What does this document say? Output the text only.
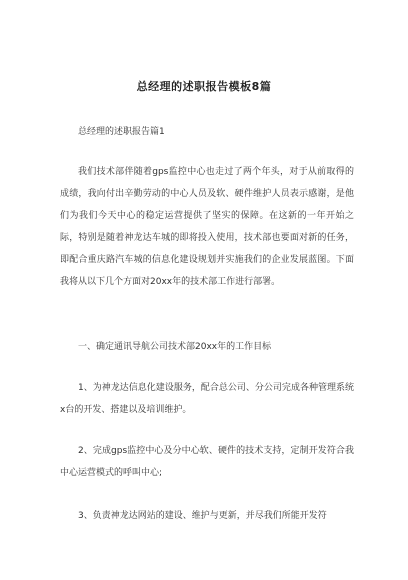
总经理的述职报告模板8篇

总经理的述职报告篇1

我们技术部伴随着gps监控中心也走过了两个年头，对于从前取得的成绩，我向付出辛勤劳动的中心人员及软、硬件维护人员表示感谢，是他们为我们今天中心的稳定运营提供了坚实的保障。在这新的一年开始之际，特别是随着神龙达车城的即将投入使用，技术部也要面对新的任务，即配合重庆路汽车城的信息化建设规划并实施我们的企业发展蓝图。下面我将从以下几个方面对20xx年的技术部工作进行部署。

一、确定通讯导航公司技术部20xx年的工作目标

1、为神龙达信息化建设服务，配合总公司、分公司完成各种管理系统x台的开发、搭建以及培训维护。

2、完成gps监控中心及分中心软、硬件的技术支持，定制开发符合我中心运营模式的呼叫中心;

3、负责神龙达网站的建设、维护与更新，并尽我们所能开发符
